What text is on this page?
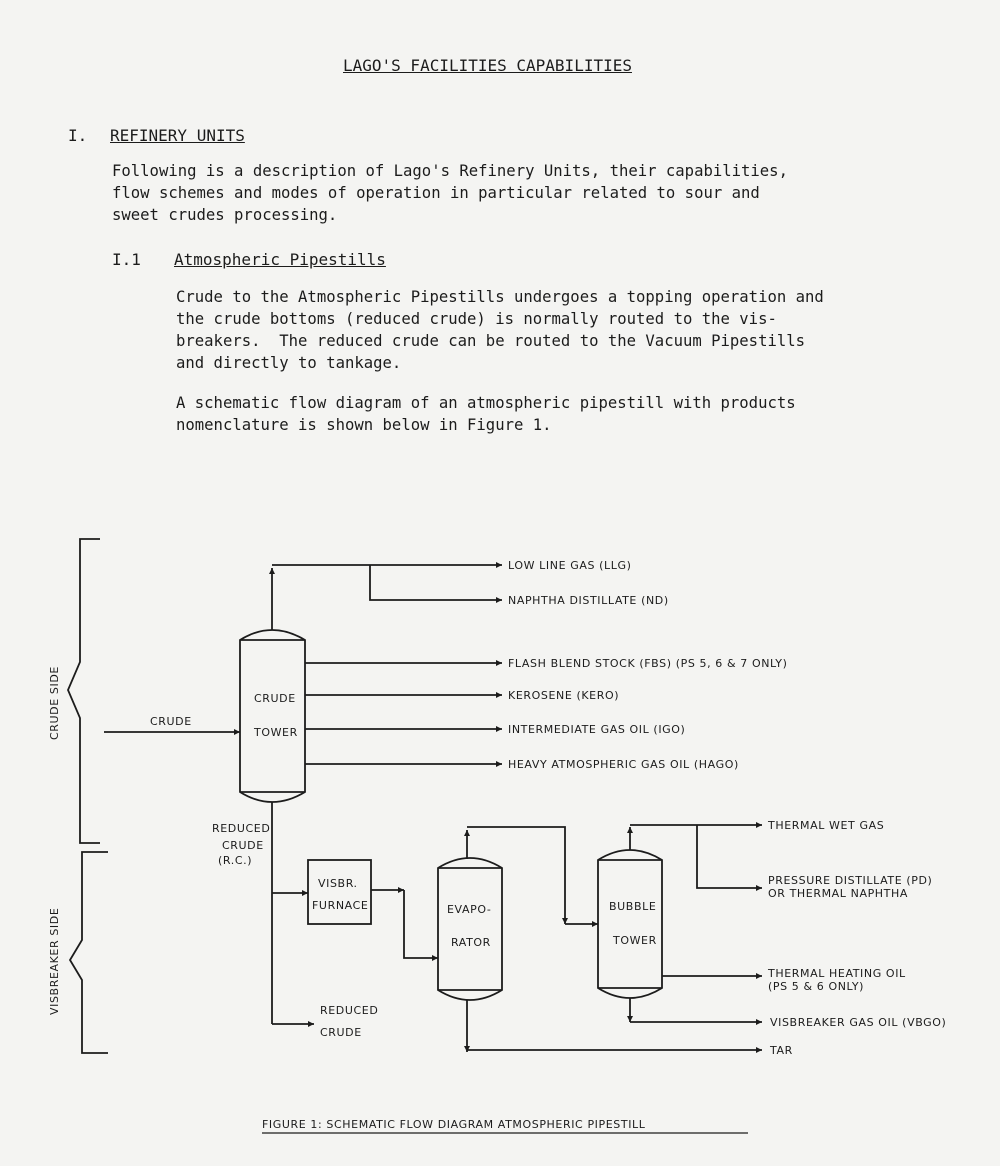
LAGO'S FACILITIES CAPABILITIES
I. REFINERY UNITS
Following is a description of Lago's Refinery Units, their capabilities,
flow schemes and modes of operation in particular related to sour and
sweet crudes processing.
I.1 Atmospheric Pipestills
Crude to the Atmospheric Pipestills undergoes a topping operation and
the crude bottoms (reduced crude) is normally routed to the vis-
breakers.  The reduced crude can be routed to the Vacuum Pipestills
and directly to tankage.
A schematic flow diagram of an atmospheric pipestill with products
nomenclature is shown below in Figure 1.
CRUDE SIDE
VISBREAKER SIDE
CRUDE
CRUDE
TOWER
LOW LINE GAS (LLG)
NAPHTHA DISTILLATE (ND)
FLASH BLEND STOCK (FBS) (PS 5, 6 & 7 ONLY)
KEROSENE (KERO)
INTERMEDIATE GAS OIL (IGO)
HEAVY ATMOSPHERIC GAS OIL (HAGO)
REDUCED
CRUDE
(R.C.)
REDUCED
CRUDE
VISBR.
FURNACE	EVAPO-
RATOR
TAR
BUBBLE
TOWER
THERMAL WET GAS
PRESSURE DISTILLATE (PD)
OR THERMAL NAPHTHA
THERMAL HEATING OIL
(PS 5 & 6 ONLY)
VISBREAKER GAS OIL (VBGO)
FIGURE 1: SCHEMATIC FLOW DIAGRAM ATMOSPHERIC PIPESTILL
